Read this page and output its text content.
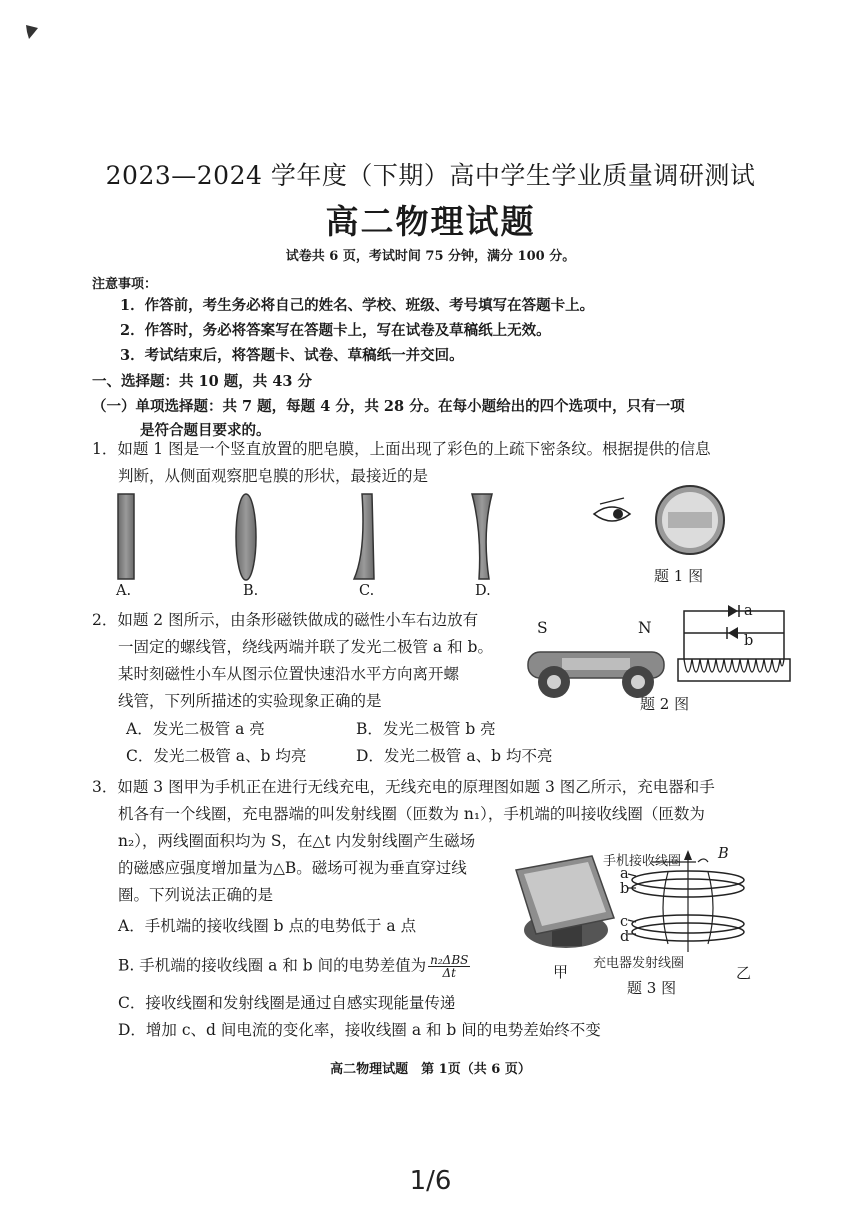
2023—2024 学年度（下期）高中学生学业质量调研测试
高二物理试题
试卷共 6 页，考试时间 75 分钟，满分 100 分。
注意事项：
1．作答前，考生务必将自己的姓名、学校、班级、考号填写在答题卡上。
2．作答时，务必将答案写在答题卡上，写在试卷及草稿纸上无效。
3．考试结束后，将答题卡、试卷、草稿纸一并交回。
一、选择题：共 10 题，共 43 分
（一）单项选择题：共 7 题，每题 4 分，共 28 分。在每小题给出的四个选项中，只有一项
是符合题目要求的。
1．如题 1 图是一个竖直放置的肥皂膜，上面出现了彩色的上疏下密条纹。根据提供的信息
判断，从侧面观察肥皂膜的形状，最接近的是
A.	B.	C.	D.
题 1 图
2．如题 2 图所示，由条形磁铁做成的磁性小车右边放有
一固定的螺线管，绕线两端并联了发光二极管 a 和 b。
某时刻磁性小车从图示位置快速沿水平方向离开螺
线管，下列所描述的实验现象正确的是
A．发光二极管 a 亮	B．发光二极管 b 亮
C．发光二极管 a、b 均亮	D．发光二极管 a、b 均不亮
S	N
a
b
题 2 图
3．如题 3 图甲为手机正在进行无线充电，无线充电的原理图如题 3 图乙所示，充电器和手
机各有一个线圈，充电器端的叫发射线圈（匝数为 n₁），手机端的叫接收线圈（匝数为
n₂），两线圈面积均为 S，在△t 内发射线圈产生磁场
的磁感应强度增加量为△B。磁场可视为垂直穿过线
圈。下列说法正确的是
A．手机端的接收线圈 b 点的电势低于 a 点
B. 手机端的接收线圈 a 和 b 间的电势差值为 $\frac{\text{n₂ΔBS}}{\Delta t}$
C．接收线圈和发射线圈是通过自感实现能量传递
D．增加 c、d 间电流的变化率，接收线圈 a 和 b 间的电势差始终不变
甲
手机接收线圈	B
a
b
c
d
充电器发射线圈
乙
题 3 图
高二物理试题　第 1页（共 6 页）
1/6
